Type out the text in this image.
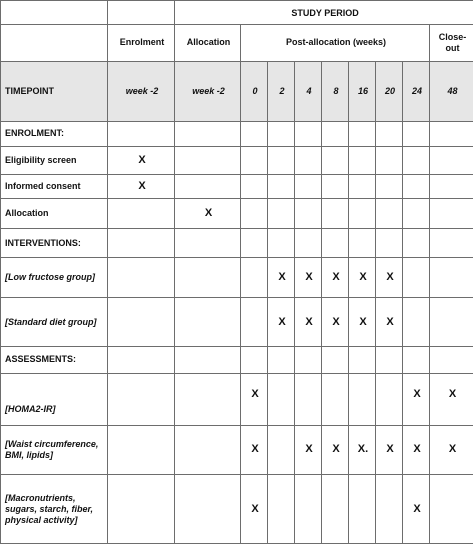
		STUDY PERIOD								
	Enrolment	Allocation	Post-allocation (weeks)							Close-out
TIMEPOINT	week -2	week -2	0	2	4	8	16	20	24	48
ENROLMENT:										
Eligibility screen	X									
Informed consent	X									
Allocation		X								
INTERVENTIONS:										
[Low fructose group]				X	X	X	X	X		
[Standard diet group]				X	X	X	X	X		
ASSESSMENTS:										
[HOMA2-IR]			X						X	X
[Waist circumference, BMI, lipids]			X		X	X	X.	X	X	X
[Macronutrients, sugars, starch, fiber, physical activity]			X						X	
